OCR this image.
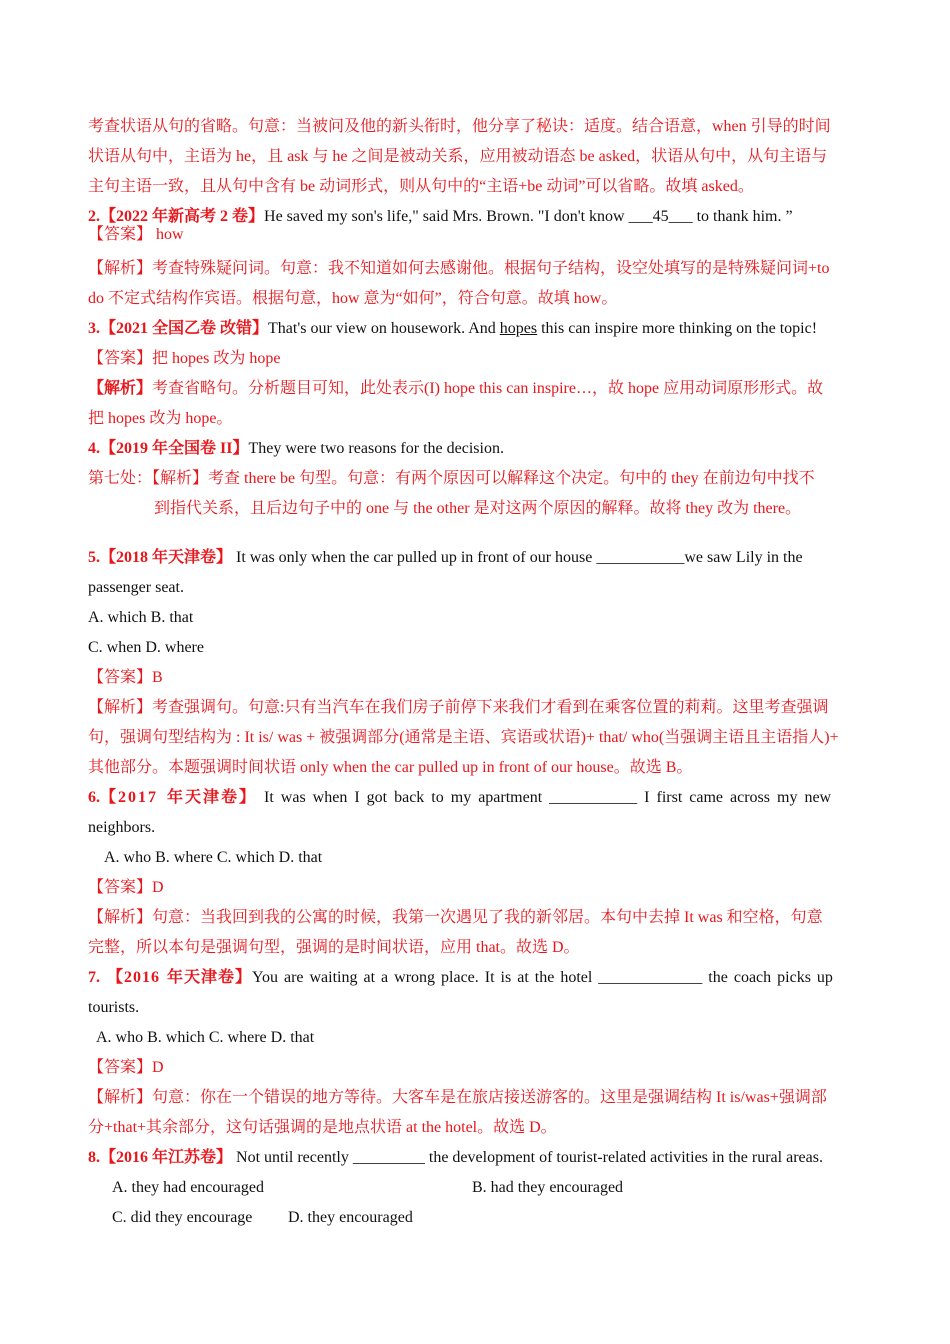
考查状语从句的省略。句意：当被问及他的新头衔时，他分享了秘诀：适度。结合语意，when 引导的时间
状语从句中，主语为 he，且 ask 与 he 之间是被动关系，应用被动语态 be asked，状语从句中，从句主语与
主句主语一致，且从句中含有 be 动词形式，则从句中的“主语+be 动词”可以省略。故填 asked。
2.【2022 年新高考 2 卷】He saved my son's life," said Mrs. Brown. "I don't know ___45___ to thank him. ”
【答案】 how
【解析】考查特殊疑问词。句意：我不知道如何去感谢他。根据句子结构，设空处填写的是特殊疑问词+to
do 不定式结构作宾语。根据句意，how 意为“如何”，符合句意。故填 how。
3.【2021 全国乙卷 改错】That's our view on housework. And hopes this can inspire more thinking on the topic!
【答案】把 hopes 改为 hope
【解析】考查省略句。分析题目可知，此处表示(I) hope this can inspire…，故 hope 应用动词原形形式。故
把 hopes 改为 hope。
4.【2019 年全国卷 II】They were two reasons for the decision.
第七处：【解析】考查 there be 句型。句意：有两个原因可以解释这个决定。句中的 they 在前边句中找不
到指代关系，且后边句子中的 one 与 the other 是对这两个原因的解释。故将 they 改为 there。
5.【2018 年天津卷】 It was only when the car pulled up in front of our house ___________we saw Lily in the
passenger seat.
A. which B. that
C. when D. where
【答案】B
【解析】考查强调句。句意:只有当汽车在我们房子前停下来我们才看到在乘客位置的莉莉。这里考查强调
句，强调句型结构为 : It is/ was + 被强调部分(通常是主语、宾语或状语)+ that/ who(当强调主语且主语指人)+
其他部分。本题强调时间状语 only when the car pulled up in front of our house。故选 B。
6.【2017 年天津卷】 It was when I got back to my apartment ___________ I first came across my new
neighbors.
A. who B. where C. which D. that
【答案】D
【解析】句意：当我回到我的公寓的时候，我第一次遇见了我的新邻居。本句中去掉 It was 和空格，句意
完整，所以本句是强调句型，强调的是时间状语，应用 that。故选 D。
7. 【2016 年天津卷】You are waiting at a wrong place. It is at the hotel _____________ the coach picks up
tourists.
A. who B. which C. where D. that
【答案】D
【解析】句意：你在一个错误的地方等待。大客车是在旅店接送游客的。这里是强调结构 It is/was+强调部
分+that+其余部分，这句话强调的是地点状语 at the hotel。故选 D。
8.【2016 年江苏卷】 Not until recently _________ the development of tourist-related activities in the rural areas.
A. they had encouraged	B. had they encouraged
C. did they encourage D. they encouraged
